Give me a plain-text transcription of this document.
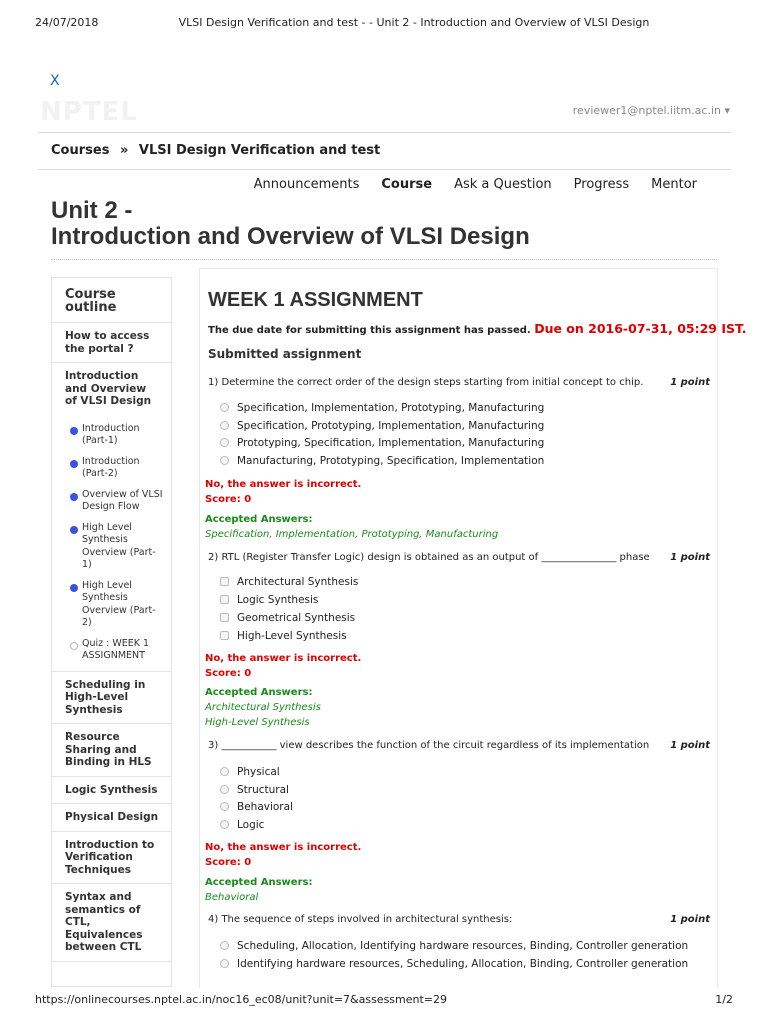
24/07/2018	VLSI Design Verification and test - - Unit 2 - Introduction and Overview of VLSI Design
X
NPTEL	reviewer1@nptel.iitm.ac.in ▾
Courses » VLSI Design Verification and test
Announcements Course Ask a Question Progress Mentor
Unit 2 -
Introduction and Overview of VLSI Design
Course
outline
How to access the portal ?
Introduction and Overview of VLSI Design
Introduction (Part-1)
Introduction (Part-2)
Overview of VLSI Design Flow
High Level Synthesis Overview (Part-1)
High Level Synthesis Overview (Part-2)
Quiz : WEEK 1 ASSIGNMENT
Scheduling in High-Level Synthesis
Resource Sharing and Binding in HLS
Logic Synthesis
Physical Design
Introduction to Verification Techniques
Syntax and semantics of CTL, Equivalences between CTL
WEEK 1 ASSIGNMENT
The due date for submitting this assignment has passed. Due on 2016-07-31, 05:29 IST.
Submitted assignment
1) Determine the correct order of the design steps starting from initial concept to chip.	1 point
Specification, Implementation, Prototyping, Manufacturing
Specification, Prototyping, Implementation, Manufacturing
Prototyping, Specification, Implementation, Manufacturing
Manufacturing, Prototyping, Specification, Implementation
No, the answer is incorrect.
Score: 0
Accepted Answers:
Specification, Implementation, Prototyping, Manufacturing
2) RTL (Register Transfer Logic) design is obtained as an output of _______________ phase 1 point
Architectural Synthesis
Logic Synthesis
Geometrical Synthesis
High-Level Synthesis
No, the answer is incorrect.
Score: 0
Accepted Answers:
Architectural Synthesis
High-Level Synthesis
3) ___________ view describes the function of the circuit regardless of its implementation 1 point
Physical
Structural
Behavioral
Logic
No, the answer is incorrect.
Score: 0
Accepted Answers:
Behavioral
4) The sequence of steps involved in architectural synthesis:	1 point
Scheduling, Allocation, Identifying hardware resources, Binding, Controller generation
Identifying hardware resources, Scheduling, Allocation, Binding, Controller generation
https://onlinecourses.nptel.ac.in/noc16_ec08/unit?unit=7&assessment=29	1/2
